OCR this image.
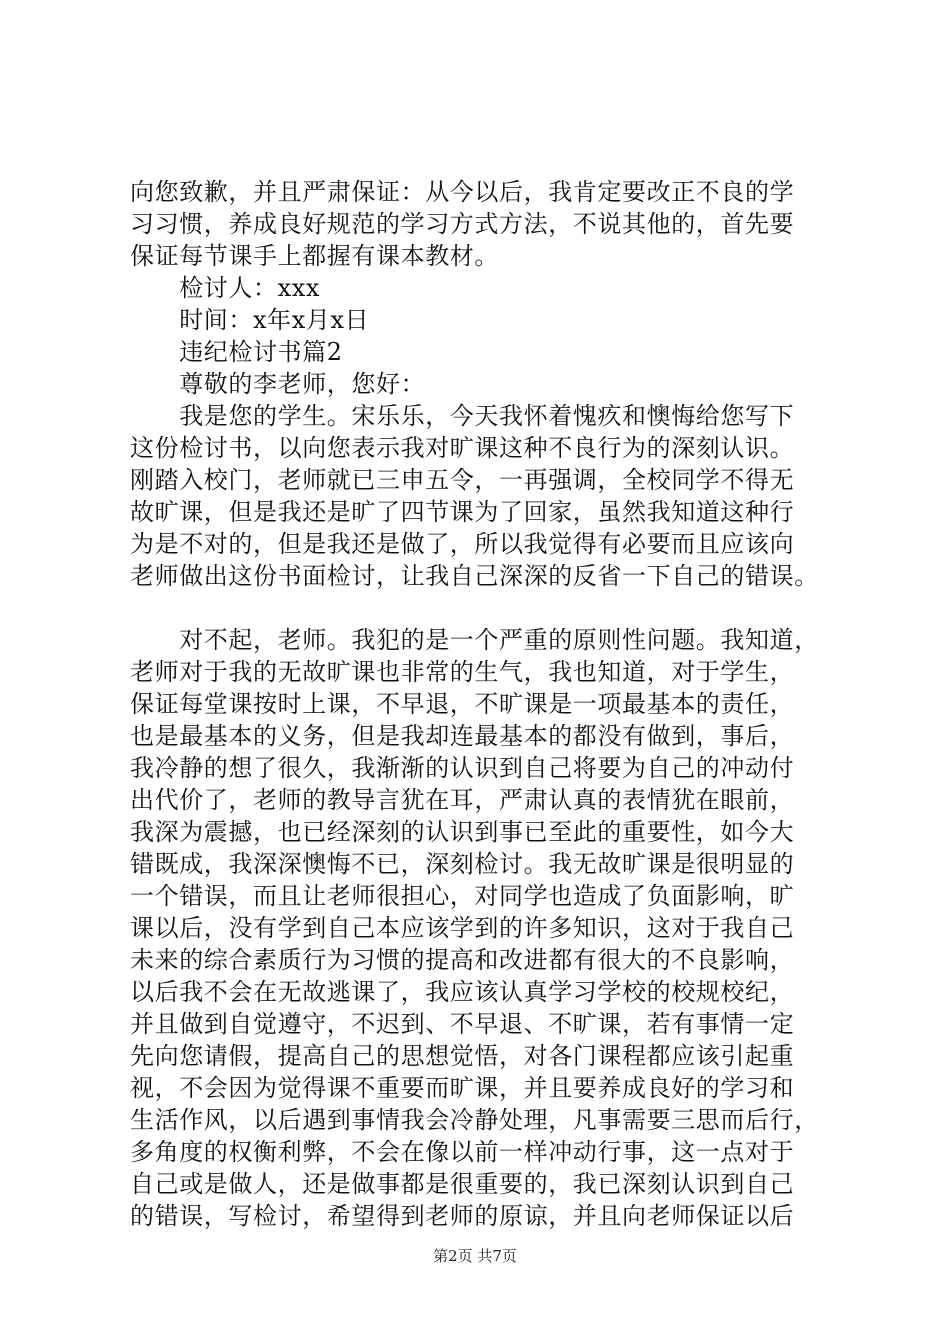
向您致歉，并且严肃保证：从今以后，我肯定要改正不良的学
习习惯，养成良好规范的学习方式方法，不说其他的，首先要
保证每节课手上都握有课本教材。
　　检讨人：xxx
　　时间：x年x月x日
　　违纪检讨书篇2
　　尊敬的李老师，您好：
　　我是您的学生。宋乐乐，今天我怀着愧疚和懊悔给您写下
这份检讨书，以向您表示我对旷课这种不良行为的深刻认识。
刚踏入校门，老师就已三申五令，一再强调，全校同学不得无
故旷课，但是我还是旷了四节课为了回家，虽然我知道这种行
为是不对的，但是我还是做了，所以我觉得有必要而且应该向
老师做出这份书面检讨，让我自己深深的反省一下自己的错误。
　　对不起，老师。我犯的是一个严重的原则性问题。我知道，
老师对于我的无故旷课也非常的生气，我也知道，对于学生，
保证每堂课按时上课，不早退，不旷课是一项最基本的责任，
也是最基本的义务，但是我却连最基本的都没有做到，事后，
我冷静的想了很久，我渐渐的认识到自己将要为自己的冲动付
出代价了，老师的教导言犹在耳，严肃认真的表情犹在眼前，
我深为震撼，也已经深刻的认识到事已至此的重要性，如今大
错既成，我深深懊悔不已，深刻检讨。我无故旷课是很明显的
一个错误，而且让老师很担心，对同学也造成了负面影响，旷
课以后，没有学到自己本应该学到的许多知识，这对于我自己
未来的综合素质行为习惯的提高和改进都有很大的不良影响，
以后我不会在无故逃课了，我应该认真学习学校的校规校纪，
并且做到自觉遵守，不迟到、不早退、不旷课，若有事情一定
先向您请假，提高自己的思想觉悟，对各门课程都应该引起重
视，不会因为觉得课不重要而旷课，并且要养成良好的学习和
生活作风，以后遇到事情我会冷静处理，凡事需要三思而后行，
多角度的权衡利弊，不会在像以前一样冲动行事，这一点对于
自己或是做人，还是做事都是很重要的，我已深刻认识到自己
的错误，写检讨，希望得到老师的原谅，并且向老师保证以后
第2页 共7页
